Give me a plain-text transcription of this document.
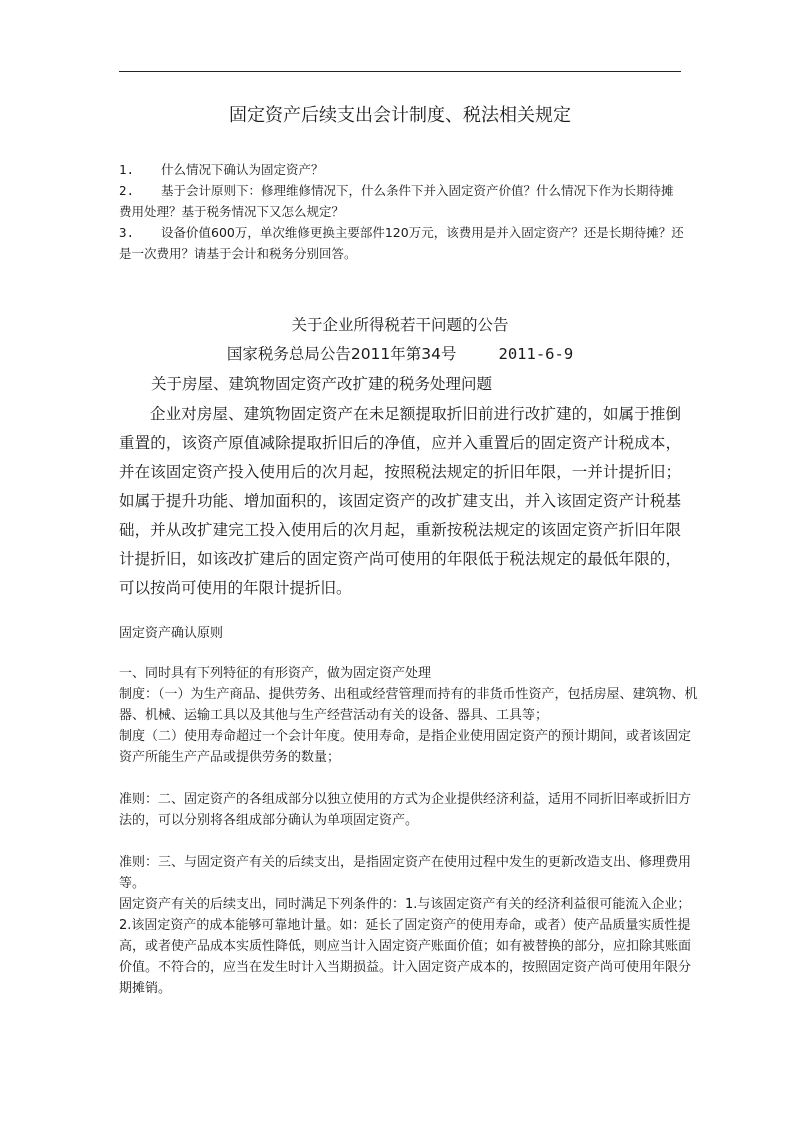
固定资产后续支出会计制度、税法相关规定
1. 什么情况下确认为固定资产？
2. 基于会计原则下：修理维修情况下，什么条件下并入固定资产价值？什么情况下作为长期待摊费用处理？基于税务情况下又怎么规定？
3. 设备价值600万，单次维修更换主要部件120万元，该费用是并入固定资产？还是长期待摊？还是一次费用？请基于会计和税务分别回答。
关于企业所得税若干问题的公告
国家税务总局公告2011年第34号	2011-6-9
关于房屋、建筑物固定资产改扩建的税务处理问题
企业对房屋、建筑物固定资产在未足额提取折旧前进行改扩建的，如属于推倒重置的，该资产原值减除提取折旧后的净值，应并入重置后的固定资产计税成本，并在该固定资产投入使用后的次月起，按照税法规定的折旧年限，一并计提折旧；如属于提升功能、增加面积的，该固定资产的改扩建支出，并入该固定资产计税基础，并从改扩建完工投入使用后的次月起，重新按税法规定的该固定资产折旧年限计提折旧，如该改扩建后的固定资产尚可使用的年限低于税法规定的最低年限的，可以按尚可使用的年限计提折旧。
固定资产确认原则
一、同时具有下列特征的有形资产，做为固定资产处理
制度：（一）为生产商品、提供劳务、出租或经营管理而持有的非货币性资产，包括房屋、建筑物、机器、机械、运输工具以及其他与生产经营活动有关的设备、器具、工具等；
制度（二）使用寿命超过一个会计年度。使用寿命，是指企业使用固定资产的预计期间，或者该固定资产所能生产产品或提供劳务的数量；
准则：二、固定资产的各组成部分以独立使用的方式为企业提供经济利益，适用不同折旧率或折旧方法的，可以分别将各组成部分确认为单项固定资产。
准则：三、与固定资产有关的后续支出，是指固定资产在使用过程中发生的更新改造支出、修理费用等。
固定资产有关的后续支出，同时满足下列条件的：1.与该固定资产有关的经济利益很可能流入企业；2.该固定资产的成本能够可靠地计量。如：延长了固定资产的使用寿命，或者）使产品质量实质性提高，或者使产品成本实质性降低，则应当计入固定资产账面价值；如有被替换的部分，应扣除其账面价值。不符合的，应当在发生时计入当期损益。计入固定资产成本的，按照固定资产尚可使用年限分期摊销。
